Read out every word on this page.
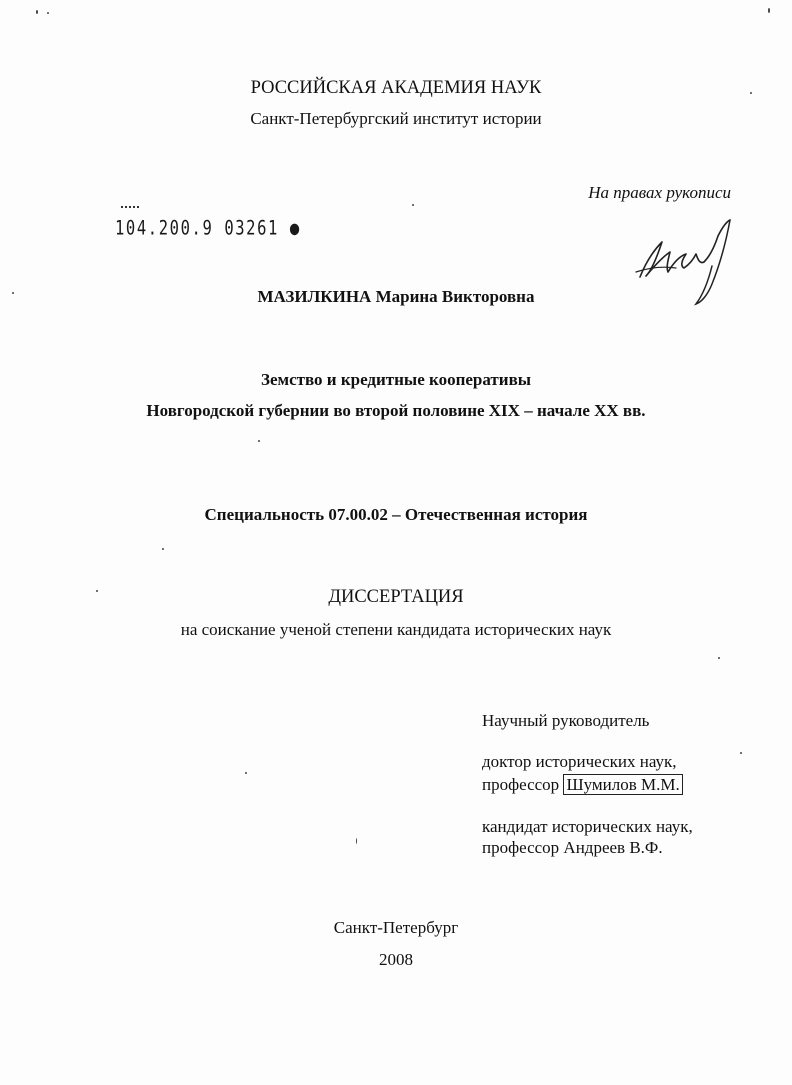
РОССИЙСКАЯ АКАДЕМИЯ НАУК
Санкт-Петербургский институт истории
На правах рукописи
104.200.9 03261 ●
МАЗИЛКИНА Марина Викторовна
Земство и кредитные кооперативы
Новгородской губернии во второй половине XIX – начале XX вв.
Специальность 07.00.02 – Отечественная история
ДИССЕРТАЦИЯ
на соискание ученой степени кандидата исторических наук
Научный руководитель
доктор исторических наук,
профессор Шумилов М.М.
кандидат исторических наук,
профессор Андреев В.Ф.
Санкт-Петербург
2008
